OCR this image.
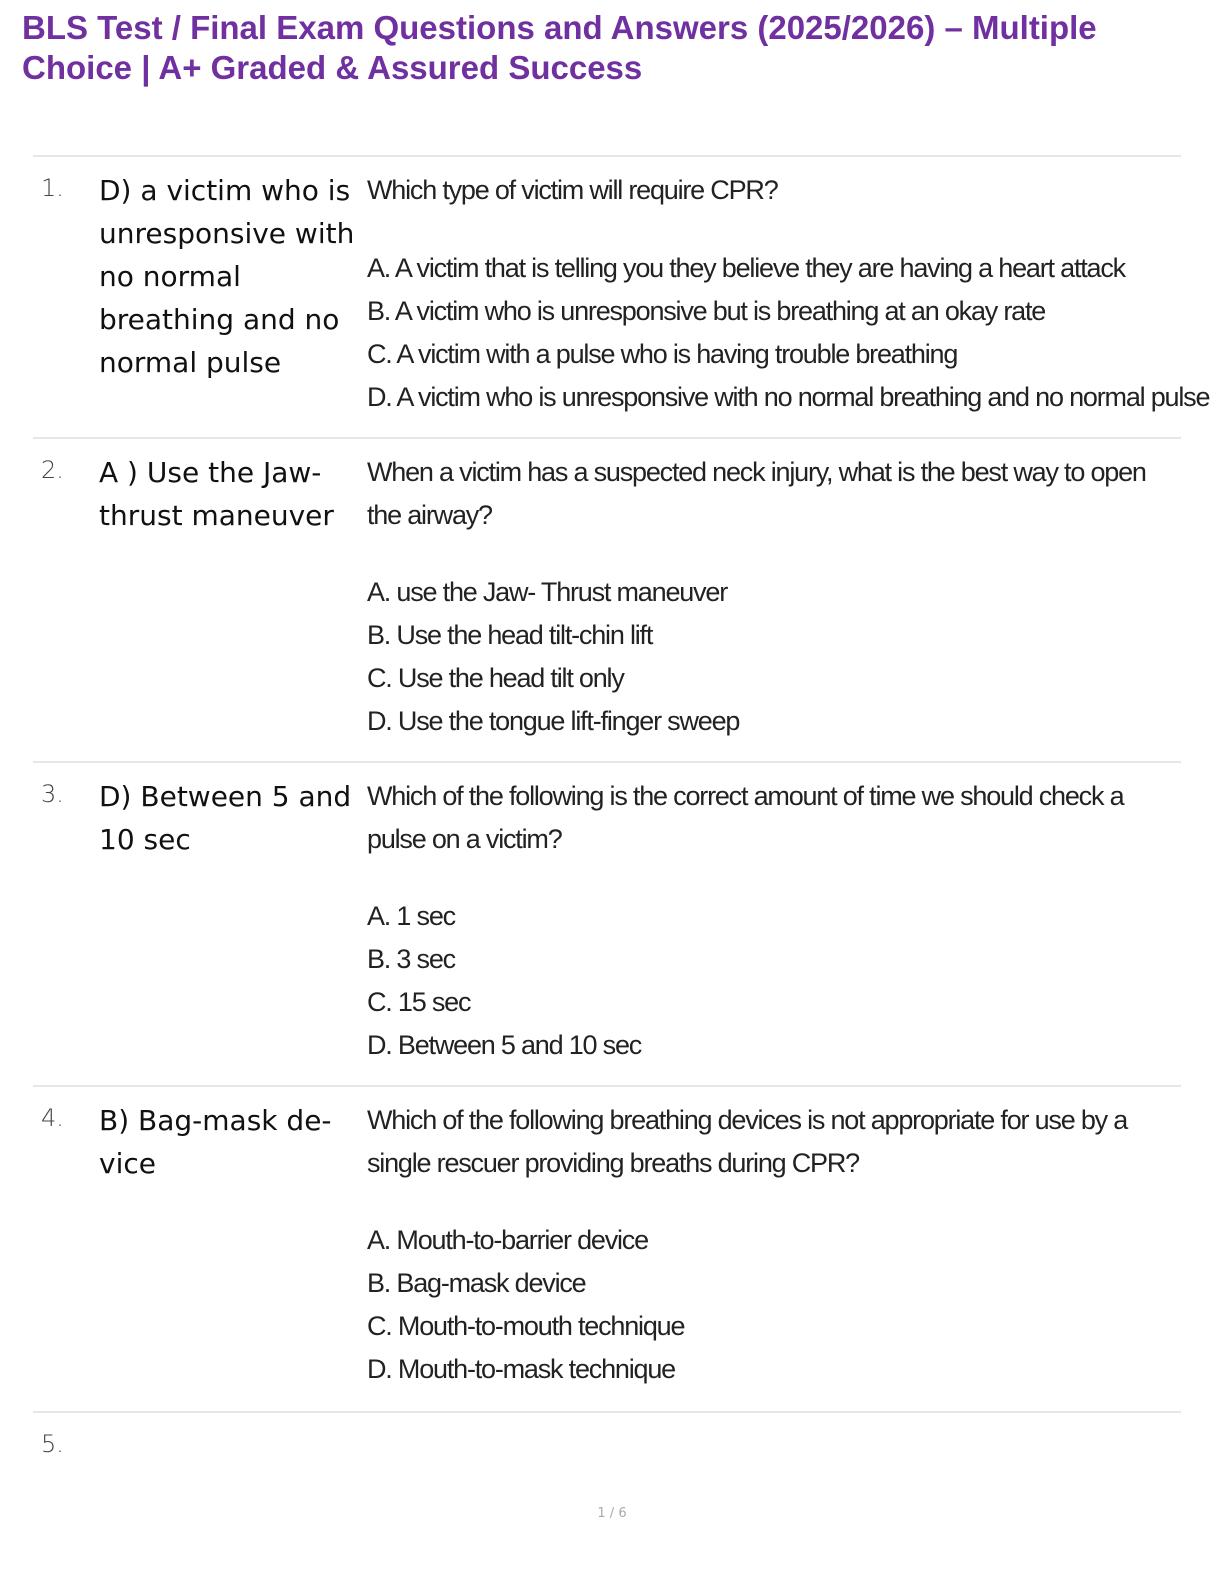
BLS Test / Final Exam Questions and Answers (2025/2026) – Multiple Choice | A+ Graded & Assured Success
1. D) a victim who is unresponsive with no normal breathing and no normal pulse
Which type of victim will require CPR?
A. A victim that is telling you they believe they are having a heart attack
B. A victim who is unresponsive but is breathing at an okay rate
C. A victim with a pulse who is having trouble breathing
D. A victim who is unresponsive with no normal breathing and no normal pulse
2. A ) Use the Jaw-thrust maneuver
When a victim has a suspected neck injury, what is the best way to open the airway?
A. use the Jaw- Thrust maneuver
B. Use the head tilt-chin lift
C. Use the head tilt only
D. Use the tongue lift-finger sweep
3. D) Between 5 and 10 sec
Which of the following is the correct amount of time we should check a pulse on a victim?
A. 1 sec
B. 3 sec
C. 15 sec
D. Between 5 and 10 sec
4. B) Bag-mask de-vice
Which of the following breathing devices is not appropriate for use by a single rescuer providing breaths during CPR?
A. Mouth-to-barrier device
B. Bag-mask device
C. Mouth-to-mouth technique
D. Mouth-to-mask technique
5.
1 / 6
